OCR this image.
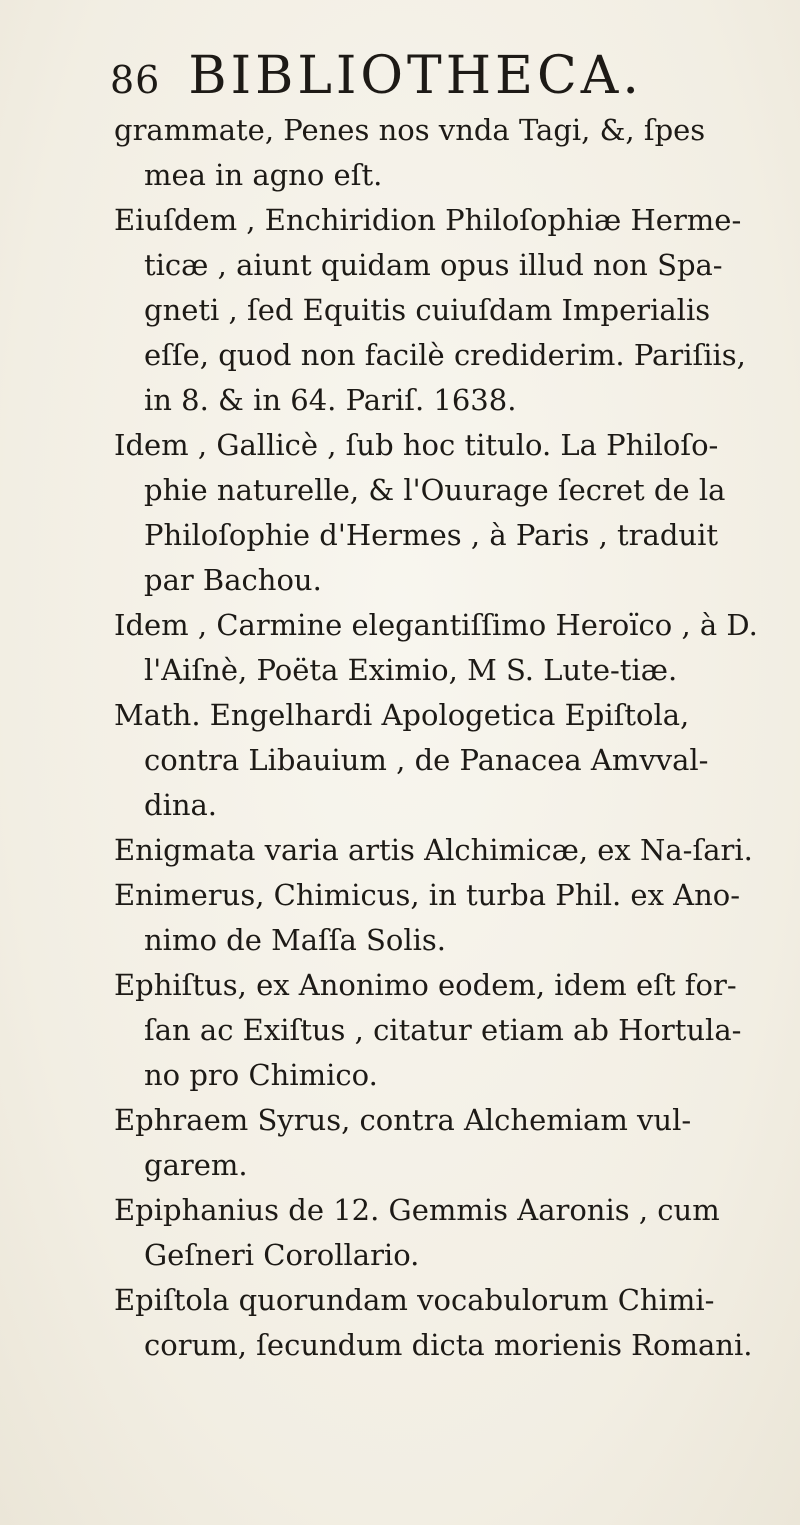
86 BIBLIOTHECA.

grammate, Penes nos vnda Tagi, &, ſpes mea in agno eſt.

Eiuſdem , Enchiridion Philoſophiæ Herme-ticæ , aiunt quidam opus illud non Spa-gneti , ſed Equitis cuiuſdam Imperialis eſſe, quod non facilè crediderim. Pariſiis, in 8. & in 64. Pariſ. 1638.

Idem , Gallicè , ſub hoc titulo. La Philoſo-phie naturelle, & l'Ouurage ſecret de la Philoſophie d'Hermes , à Paris , traduit par Bachou.

Idem , Carmine elegantiſſimo Heroïco , à D. l'Aiſnè, Poëta Eximio, M S. Lute-tiæ.

Math. Engelhardi Apologetica Epiſtola, contra Libauium , de Panacea Amvval-dina.

Enigmata varia artis Alchimicæ, ex Na-ſari.

Enimerus, Chimicus, in turba Phil. ex Ano-nimo de Maſſa Solis.

Ephiſtus, ex Anonimo eodem, idem eſt for-ſan ac Exiſtus , citatur etiam ab Hortula-no pro Chimico.

Ephraem Syrus, contra Alchemiam vul-garem.

Epiphanius de 12. Gemmis Aaronis , cum Geſneri Corollario.

Epiſtola quorundam vocabulorum Chimi-corum, ſecundum dicta morienis Romani.
